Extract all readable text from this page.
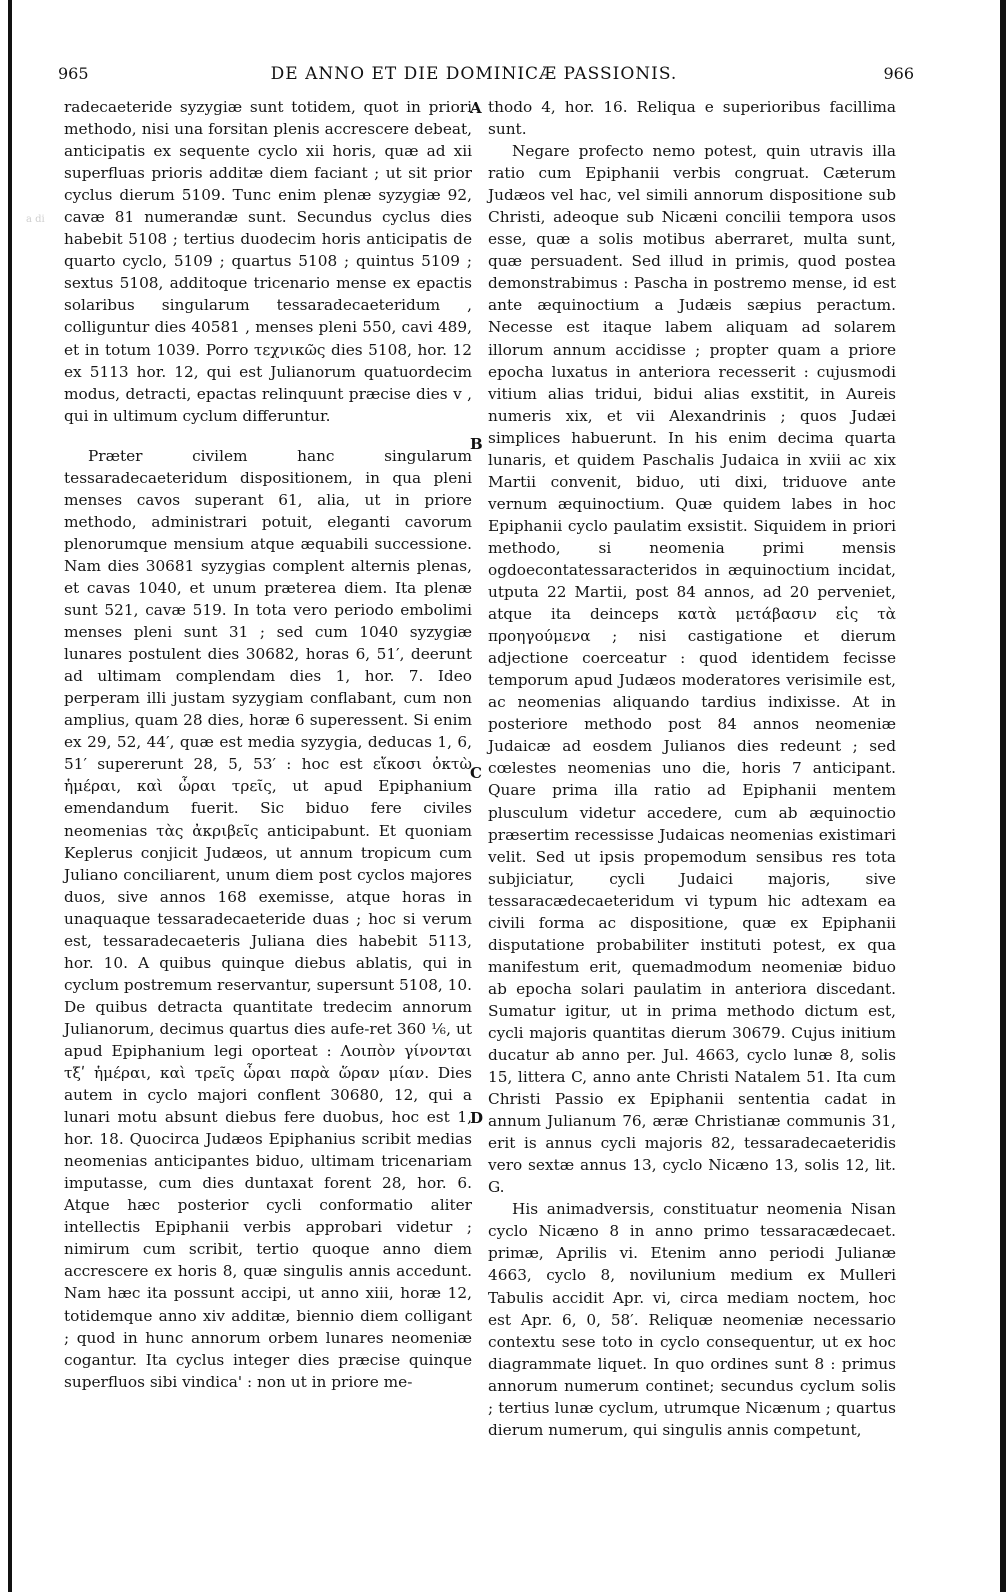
965	DE ANNO ET DIE DOMINICÆ PASSIONIS.	966
a di

radecaeteride syzygiæ sunt totidem, quot in priori methodo, nisi una forsitan plenis accrescere debeat, anticipatis ex sequente cyclo xii horis, quæ ad xii superfluas prioris additæ diem faciant ; ut sit prior cyclus dierum 5109. Tunc enim plenæ syzygiæ 92, cavæ 81 numerandæ sunt. Secundus cyclus dies habebit 5108 ; tertius duodecim horis anticipatis de quarto cyclo, 5109 ; quartus 5108 ; quintus 5109 ; sextus 5108, additoque tricenario mense ex epactis solaribus singularum tessaradecaeteridum , colliguntur dies 40581 , menses pleni 550, cavi 489, et in totum 1039. Porro τεχνικῶς dies 5108, hor. 12 ex 5113 hor. 12, qui est Julianorum quatuordecim modus, detracti, epactas relinquunt præcise dies v , qui in ultimum cyclum differuntur.

Præter civilem hanc singularum tessaradecaeteridum dispositionem, in qua pleni menses cavos superant 61, alia, ut in priore methodo, administrari potuit, eleganti cavorum plenorumque mensium atque æquabili successione. Nam dies 30681 syzygias complent alternis plenas, et cavas 1040, et unum præterea diem. Ita plenæ sunt 521, cavæ 519. In tota vero periodo embolimi menses pleni sunt 31 ; sed cum 1040 syzygiæ lunares postulent dies 30682, horas 6, 51′, deerunt ad ultimam complendam dies 1, hor. 7. Ideo perperam illi justam syzygiam conflabant, cum non amplius, quam 28 dies, horæ 6 superessent. Si enim ex 29, 52, 44′, quæ est media syzygia, deducas 1, 6, 51′ supererunt 28, 5, 53′ : hoc est εἴκοσι ὀκτὼ ἡμέραι, καὶ ὧραι τρεῖς, ut apud Epiphanium emendandum fuerit. Sic biduo fere civiles neomenias τὰς ἀκριβεῖς anticipabunt. Et quoniam Keplerus conjicit Judæos, ut annum tropicum cum Juliano conciliarent, unum diem post cyclos majores duos, sive annos 168 exemisse, atque horas in unaquaque tessaradecaeteride duas ; hoc si verum est, tessaradecaeteris Juliana dies habebit 5113, hor. 10. A quibus quinque diebus ablatis, qui in cyclum postremum reservantur, supersunt 5108, 10. De quibus detracta quantitate tredecim annorum Julianorum, decimus quartus dies aufe-ret 360 ⅙, ut apud Epiphanium legi oporteat : Λοιπὸν γίνονται τξʹ ἡμέραι, καὶ τρεῖς ὧραι παρὰ ὥραν μίαν. Dies autem in cyclo majori conflent 30680, 12, qui a lunari motu absunt diebus fere duobus, hoc est 1, hor. 18. Quocirca Judæos Epiphanius scribit medias neomenias anticipantes biduo, ultimam tricenariam imputasse, cum dies duntaxat forent 28, hor. 6. Atque hæc posterior cycli conformatio aliter intellectis Epiphanii verbis approbari videtur ; nimirum cum scribit, tertio quoque anno diem accrescere ex horis 8, quæ singulis annis accedunt. Nam hæc ita possunt accipi, ut anno xiii, horæ 12, totidemque anno xiv additæ, biennio diem colligant ; quod in hunc annorum orbem lunares neomeniæ cogantur. Ita cyclus integer dies præcise quinque superfluos sibi vindica' : non ut in priore me-

A
B
C
D

thodo 4, hor. 16. Reliqua e superioribus facillima sunt.

Negare profecto nemo potest, quin utravis illa ratio cum Epiphanii verbis congruat. Cæterum Judæos vel hac, vel simili annorum dispositione sub Christi, adeoque sub Nicæni concilii tempora usos esse, quæ a solis motibus aberraret, multa sunt, quæ persuadent. Sed illud in primis, quod postea demonstrabimus : Pascha in postremo mense, id est ante æquinoctium a Judæis sæpius peractum. Necesse est itaque labem aliquam ad solarem illorum annum accidisse ; propter quam a priore epocha luxatus in anteriora recesserit : cujusmodi vitium alias tridui, bidui alias exstitit, in Aureis numeris xix, et vii Alexandrinis ; quos Judæi simplices habuerunt. In his enim decima quarta lunaris, et quidem Paschalis Judaica in xviii ac xix Martii convenit, biduo, uti dixi, triduove ante vernum æquinoctium. Quæ quidem labes in hoc Epiphanii cyclo paulatim exsistit. Siquidem in priori methodo, si neomenia primi mensis ogdoecontatessaracteridos in æquinoctium incidat, utputa 22 Martii, post 84 annos, ad 20 perveniet, atque ita deinceps κατὰ μετάβασιν εἰς τὰ προηγούμενα ; nisi castigatione et dierum adjectione coerceatur : quod identidem fecisse temporum apud Judæos moderatores verisimile est, ac neomenias aliquando tardius indixisse. At in posteriore methodo post 84 annos neomeniæ Judaicæ ad eosdem Julianos dies redeunt ; sed cœlestes neomenias uno die, horis 7 anticipant. Quare prima illa ratio ad Epiphanii mentem plusculum videtur accedere, cum ab æquinoctio præsertim recessisse Judaicas neomenias existimari velit. Sed ut ipsis propemodum sensibus res tota subjiciatur, cycli Judaici majoris, sive tessaracædecaeteridum vi typum hic adtexam ea civili forma ac dispositione, quæ ex Epiphanii disputatione probabiliter instituti potest, ex qua manifestum erit, quemadmodum neomeniæ biduo ab epocha solari paulatim in anteriora discedant. Sumatur igitur, ut in prima methodo dictum est, cycli majoris quantitas dierum 30679. Cujus initium ducatur ab anno per. Jul. 4663, cyclo lunæ 8, solis 15, littera C, anno ante Christi Natalem 51. Ita cum Christi Passio ex Epiphanii sententia cadat in annum Julianum 76, æræ Christianæ communis 31, erit is annus cycli majoris 82, tessaradecaeteridis vero sextæ annus 13, cyclo Nicæno 13, solis 12, lit. G.

His animadversis, constituatur neomenia Nisan cyclo Nicæno 8 in anno primo tessaracædecaet. primæ, Aprilis vi. Etenim anno periodi Julianæ 4663, cyclo 8, novilunium medium ex Mulleri Tabulis accidit Apr. vi, circa mediam noctem, hoc est Apr. 6, 0, 58′. Reliquæ neomeniæ necessario contextu sese toto in cyclo consequentur, ut ex hoc diagrammate liquet. In quo ordines sunt 8 : primus annorum numerum continet; secundus cyclum solis ; tertius lunæ cyclum, utrumque Nicænum ; quartus dierum numerum, qui singulis annis competunt,
